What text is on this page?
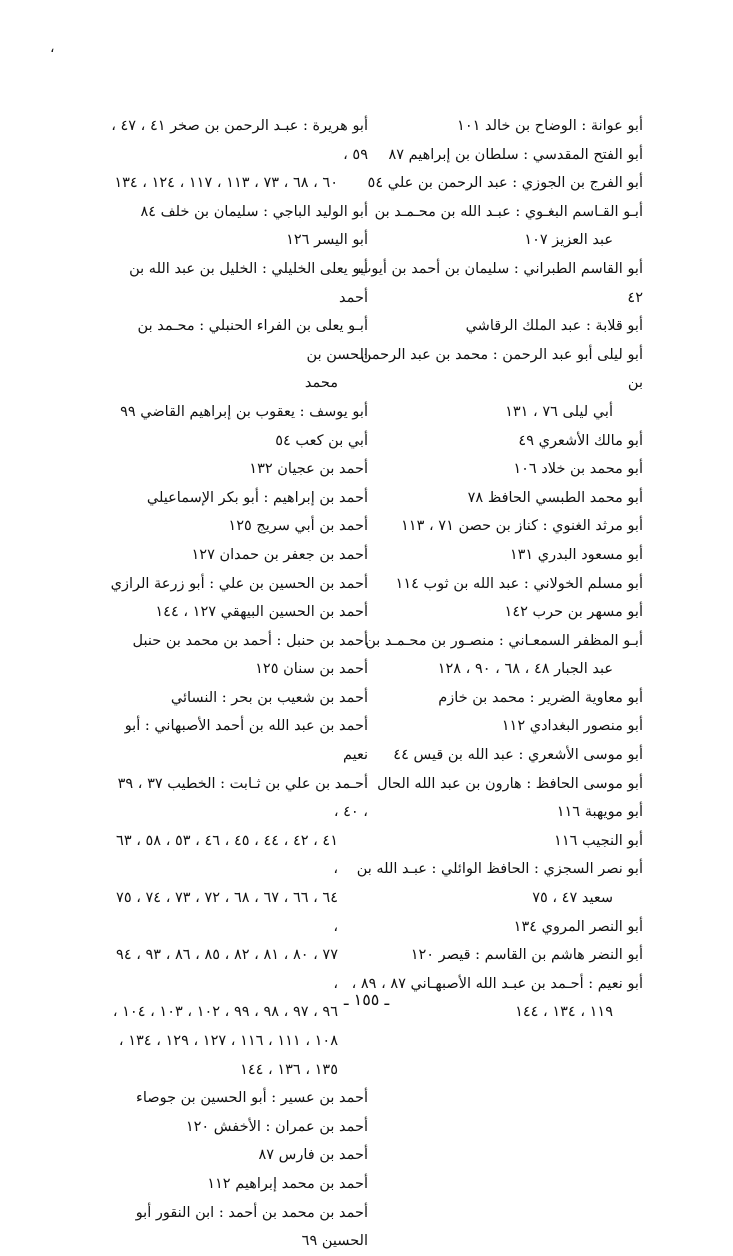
،
أبو عوانة : الوضاح بن خالد ١٠١
أبو الفتح المقدسي : سلطان بن إبراهيم ٨٧
أبو الفرج بن الجوزي : عبد الرحمن بن علي ٥٤
أبـو القـاسم البغـوي : عبـد الله بن محـمـد بن
عبد العزيز ١٠٧
أبو القاسم الطبراني : سليمان بن أحمد بن أيوب ٤٢
أبو قلابة : عبد الملك الرقاشي
أبو ليلى أبو عبد الرحمن : محمد بن عبد الرحمن بن
أبي ليلى ٧٦ ، ١٣١
أبو مالك الأشعري ٤٩
أبو محمد بن خلاد ١٠٦
أبو محمد الطبسي الحافظ ٧٨
أبو مرثد الغنوي : كناز بن حصن ٧١ ، ١١٣
أبو مسعود البدري ١٣١
أبو مسلم الخولاني : عبد الله بن ثوب ١١٤
أبو مسهر بن حرب ١٤٢
أبـو المظفر السمعـاني : منصـور بن محـمـد بن
عبد الجبار ٤٨ ، ٦٨ ، ٩٠ ، ١٢٨
أبو معاوية الضرير : محمد بن خازم
أبو منصور البغدادي ١١٢
أبو موسى الأشعري : عبد الله بن قيس ٤٤
أبو موسى الحافظ : هارون بن عبد الله الحال
أبو مويهبة ١١٦
أبو النجيب ١١٦
أبو نصر السجزي : الحافظ الوائلي : عبـد الله بن
سعيد ٤٧ ، ٧٥
أبو النصر المروي ١٣٤
أبو النضر هاشم بن القاسم : قيصر ١٢٠
أبو نعيم : أحـمد بن عبـد الله الأصبهـاني ٨٧ ، ٨٩ ،
١١٩ ، ١٣٤ ، ١٤٤
أبو هريرة : عبـد الرحمن بن صخر ٤١ ، ٤٧ ، ٥٩ ،
٦٠ ، ٦٨ ، ٧٣ ، ١١٣ ، ١١٧ ، ١٢٤ ، ١٣٤
أبو الوليد الباجي : سليمان بن خلف ٨٤
أبو اليسر ١٢٦
أبو يعلى الخليلي : الخليل بن عبد الله بن أحمد
أبـو يعلى بن الفراء الحنبلي : محـمد بن الحسن بن
محمد
أبو يوسف : يعقوب بن إبراهيم القاضي ٩٩
أبي بن كعب ٥٤
أحمد بن عجيان ١٣٢
أحمد بن إبراهيم : أبو بكر الإسماعيلي
أحمد بن أبي سريج ١٢٥
أحمد بن جعفر بن حمدان ١٢٧
أحمد بن الحسين بن علي : أبو زرعة الرازي
أحمد بن الحسين البيهقي ١٢٧ ، ١٤٤
أحمد بن حنبل : أحمد بن محمد بن حنبل
أحمد بن سنان ١٢٥
أحمد بن شعيب بن بحر : النسائي
أحمد بن عبد الله بن أحمد الأصبهاني : أبو نعيم
أحـمد بن علي بن ثـابت : الخطيب ٣٧ ، ٣٩ ، ٤٠ ،
٤١ ، ٤٢ ، ٤٤ ، ٤٥ ، ٤٦ ، ٥٣ ، ٥٨ ، ٦٣ ،
٦٤ ، ٦٦ ، ٦٧ ، ٦٨ ، ٧٢ ، ٧٣ ، ٧٤ ، ٧٥ ،
٧٧ ، ٨٠ ، ٨١ ، ٨٢ ، ٨٥ ، ٨٦ ، ٩٣ ، ٩٤ ،
٩٦ ، ٩٧ ، ٩٨ ، ٩٩ ، ١٠٢ ، ١٠٣ ، ١٠٤ ،
١٠٨ ، ١١١ ، ١١٦ ، ١٢٧ ، ١٢٩ ، ١٣٤ ،
١٣٥ ، ١٣٦ ، ١٤٤
أحمد بن عسير : أبو الحسين بن جوصاء
أحمد بن عمران : الأخفش ١٢٠
أحمد بن فارس ٨٧
أحمد بن محمد إبراهيم ١١٢
أحمد بن محمد بن أحمد : ابن النقور أبو الحسين ٦٩
ـ ١٥٥ ـ
